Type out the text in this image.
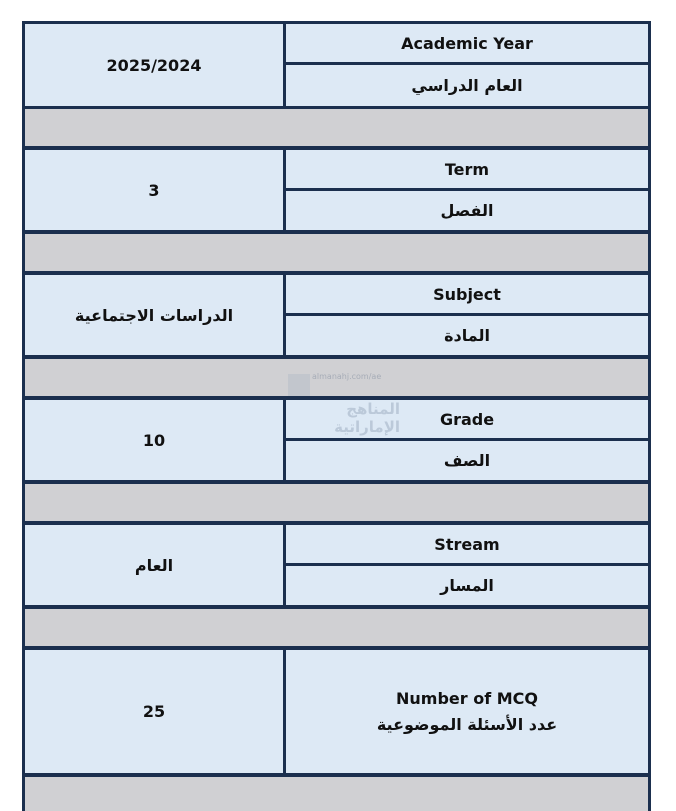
2025/2024
Academic Year
العام الدراسي
3
Term
الفصل
الدراسات الاجتماعية
Subject
المادة
10
Grade
الصف
العام
Stream
المسار
25
Number of MCQ
عدد الأسئلة الموضوعية
almanahj.com/ae
المناهج الإماراتية
